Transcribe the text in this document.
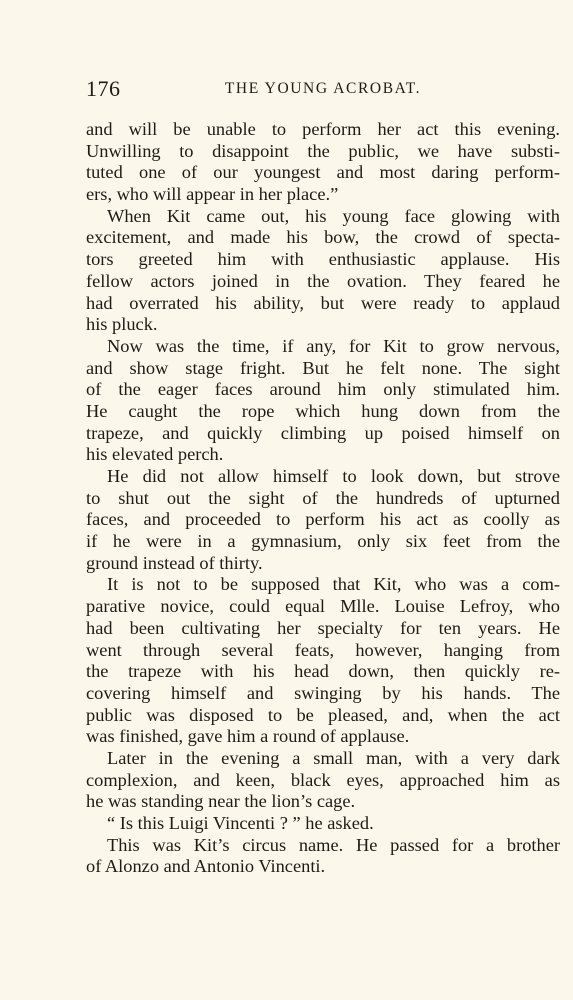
176	THE YOUNG ACROBAT.
and will be unable to perform her act this evening.
Unwilling to disappoint the public, we have substi-
tuted one of our youngest and most daring perform-
ers, who will appear in her place.”
When Kit came out, his young face glowing with
excitement, and made his bow, the crowd of specta-
tors greeted him with enthusiastic applause. His
fellow actors joined in the ovation. They feared he
had overrated his ability, but were ready to applaud
his pluck.
Now was the time, if any, for Kit to grow nervous,
and show stage fright. But he felt none. The sight
of the eager faces around him only stimulated him.
He caught the rope which hung down from the
trapeze, and quickly climbing up poised himself on
his elevated perch.
He did not allow himself to look down, but strove
to shut out the sight of the hundreds of upturned
faces, and proceeded to perform his act as coolly as
if he were in a gymnasium, only six feet from the
ground instead of thirty.
It is not to be supposed that Kit, who was a com-
parative novice, could equal Mlle. Louise Lefroy, who
had been cultivating her specialty for ten years. He
went through several feats, however, hanging from
the trapeze with his head down, then quickly re-
covering himself and swinging by his hands. The
public was disposed to be pleased, and, when the act
was finished, gave him a round of applause.
Later in the evening a small man, with a very dark
complexion, and keen, black eyes, approached him as
he was standing near the lion’s cage.
“ Is this Luigi Vincenti ? ” he asked.
This was Kit’s circus name. He passed for a brother
of Alonzo and Antonio Vincenti.
